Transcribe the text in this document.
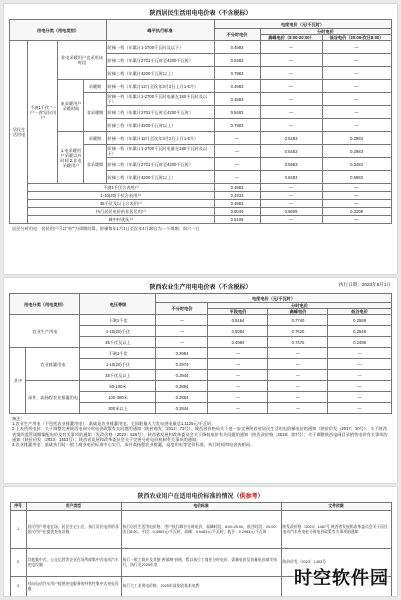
陕西居民生活用电电价表（不含税标）
用电分类（用电类别）				峰平执行标准	电度电价（元/千瓦时）		
					不分时电价	分时电价	
						高峰电价（8:00-20:00）	低谷电价（20:00-次日8:00）
居民生活用电	不满1千伏 “一户一表”居民用户	非电采暖用户也采用该时段		阶梯一档（年累计1-2700千瓦时及以下）	0.4983	—	—
				阶梯二档（年累计2701千瓦时至4200千瓦时）	0.5483	—	—
				阶梯三档（年累计4200千瓦时以上）	0.7983	—	—
		电采暖用户采暖时间	采暖期	阶梯一档（年累计12月至次年3月2日上月1-6月）	0.4983	—	—
			非采暖期	阶梯一档（年累计1-2700千瓦时电量在180千瓦时及以下）	0.4983	—	—
				阶梯二档（年累计2701千瓦时至4200千瓦时）	0.5483	—	—
				阶梯三档（年累计4200千瓦时以上）	0.7983	—	—
		1.电采暖用户采暖以外时间 2.非电采暖用户	采暖期	阶梯一档（年累计12月至次年3月2日上月1-6月）	—	0.5483	0.2983
			非采暖期	阶梯一档（年累计1-2700千瓦时电量在180千瓦时及以下）	—	0.5483	0.2983
				阶梯二档（年累计2701千瓦时至4200千瓦时）	—	0.5983	0.3483
				阶梯三档（年累计4200千瓦时以上）	—	0.8483	0.5983
	不满1千伏合表用户				0.4983	—	—
	1-10(20)千伏合表用户				0.4933	—	—
	35千伏及以上合表用户				0.4983	—	—
	执行居民电价的非居民用户				0.5049	0.5609	0.3109
	城中村优抚户				0.5109	—	—
居民分时用电：居民用户可以“单”“为周期结算，阶梯每年1月1日至次年4月30日为一个周期；周六一日
陕西农业生产用电电价表（不含税标）
执行日期：2023年6月1日
用电分类（用电类别）		电压等级	电度电价（元/千瓦时）			
			不分时电价	分时电价		
				平段电价	高峰电价	低谷电价
农业生产用电		不满1千伏	—	0.5164	0.7740	0.2588
		1-10(20)千伏	—	0.5084	0.7620	0.2548
		35千伏及以上	—	0.4984	0.7470	0.2498
其中	农业排灌用电	不满1千伏	0.2994	—	—	—
		1-10(20)千伏	0.2974	—	—	—
		35千伏及以上	0.2944	—	—	—
	深井、高扬程农业排灌用电	50-100米	0.2894	—	—	—
		100-300米	0.2864	—	—	—
		300米以上	0.2844	—	—	—
备注：
1.农业生产用电（不包括农业排灌用电）：基础是农业排灌用电；全国限量火力发电供电量总1.1125元/千瓦时。
2.上表所列电价：关于调整完善陕西电网分时电价政策有关问题的通知（陕价商发〔2012〕73号）；陕西省价格局关于进一步完善陕西省居民生活用电阶梯电价的通知（陕价价发〔2017〕10号）；关于陕西省第四监管周期输配电价及有关事项的通知〔发改价格〔2023〕526号〕，陕西省发展和改革委员会关于降低电价有关问题的通知（陕发改价格〔2019〕第7号）；关于调整陕西电网目录销售电价有关事项的通知（陕价价发〔2023〕1453号）；陕西省发展和改革委员会关于完善分时电价机制有关事项的通知。
3.农业排灌用电：基础执行时一般工商业电价标准中心实行，深井高扬程农业排灌，高度用电等定价标准，执行时间和电价表相同。
陕西农业用户在适用电价标准的情况（供参考）
序号	用户类型	电价标准	文件依据
1	居民用户用电在场，居民住宅小区，执行居民电价的非居民用户在提供充电设施	执行居民生活用电价格，用户执行峰谷分时电价，高峰时段：8:00-20:00，低谷时段：20:00-次日8:00，平段：0.4983元/千瓦时，高峰：0.5483元/千瓦时，低谷：0.2983元/千瓦时	陕发改价格〔2023〕1487号 陕西省发展和改革委员会关于居民电动汽车充电桩分时电价政策有关事项的通知
2	其他集中式、公交运营等企业在场所或集中式电动汽车充电设施	执行一般工商业及其他“两部制”价格，暂以执行工商业分时电价，需量电价及容量电价减半执行，执行至2025年底	陕价价发〔2023〕1453号
3	对向电动汽车用户提供充电服务的经营性集中式充电设施	执行大工业用电价格，2025年前免收基本电费		时空软件园
